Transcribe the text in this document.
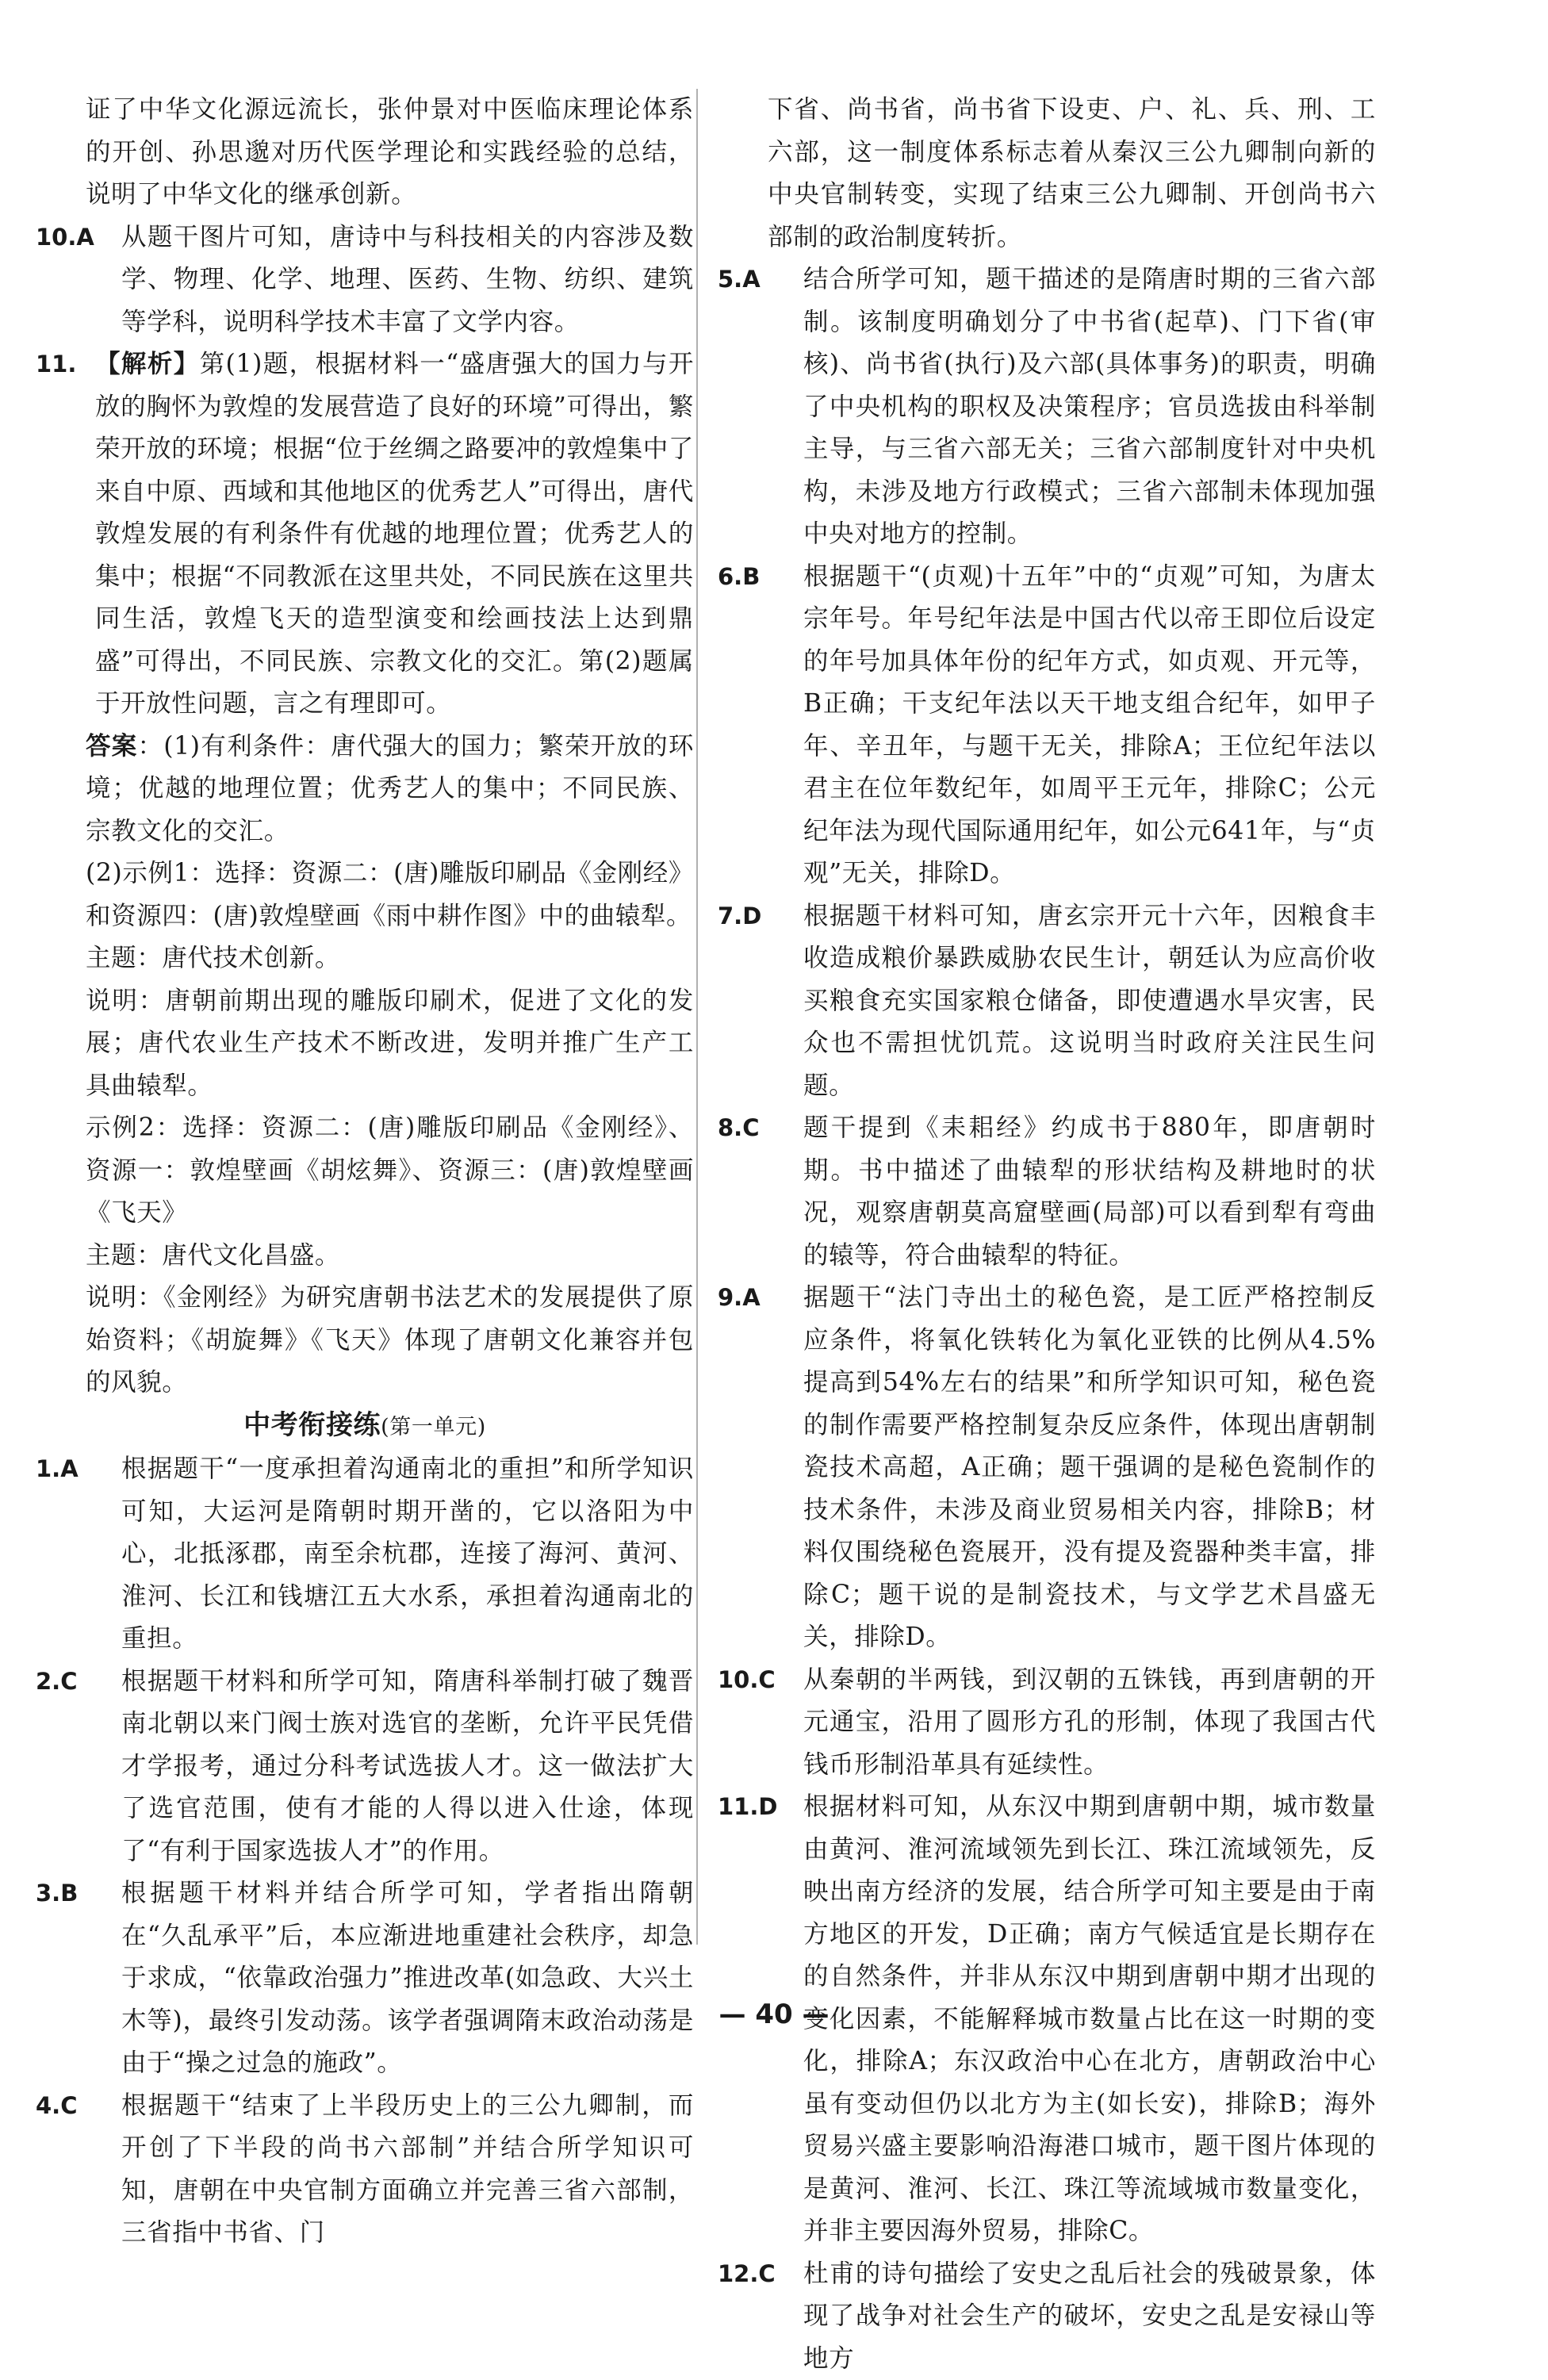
证了中华文化源远流长，张仲景对中医临床理论体系的开创、孙思邈对历代医学理论和实践经验的总结，说明了中华文化的继承创新。

10.A	从题干图片可知，唐诗中与科技相关的内容涉及数学、物理、化学、地理、医药、生物、纺织、建筑等学科，说明科学技术丰富了文学内容。
11. 【解析】第(1)题，根据材料一“盛唐强大的国力与开放的胸怀为敦煌的发展营造了良好的环境”可得出，繁荣开放的环境；根据“位于丝绸之路要冲的敦煌集中了来自中原、西域和其他地区的优秀艺人”可得出，唐代敦煌发展的有利条件有优越的地理位置；优秀艺人的集中；根据“不同教派在这里共处，不同民族在这里共同生活，敦煌飞天的造型演变和绘画技法上达到鼎盛”可得出，不同民族、宗教文化的交汇。第(2)题属于开放性问题，言之有理即可。

答案：(1)有利条件：唐代强大的国力；繁荣开放的环境；优越的地理位置；优秀艺人的集中；不同民族、宗教文化的交汇。

(2)示例1：选择：资源二：(唐)雕版印刷品《金刚经》和资源四：(唐)敦煌壁画《雨中耕作图》中的曲辕犁。

主题：唐代技术创新。

说明：唐朝前期出现的雕版印刷术，促进了文化的发展；唐代农业生产技术不断改进，发明并推广生产工具曲辕犁。

示例2：选择：资源二：(唐)雕版印刷品《金刚经》、资源一：敦煌壁画《胡炫舞》、资源三：(唐)敦煌壁画《飞天》

主题：唐代文化昌盛。

说明：《金刚经》为研究唐朝书法艺术的发展提供了原始资料；《胡旋舞》《飞天》体现了唐朝文化兼容并包的风貌。

中考衔接练(第一单元)

1.A	根据题干“一度承担着沟通南北的重担”和所学知识可知，大运河是隋朝时期开凿的，它以洛阳为中心，北抵涿郡，南至余杭郡，连接了海河、黄河、淮河、长江和钱塘江五大水系，承担着沟通南北的重担。
2.C	根据题干材料和所学可知，隋唐科举制打破了魏晋南北朝以来门阀士族对选官的垄断，允许平民凭借才学报考，通过分科考试选拔人才。这一做法扩大了选官范围，使有才能的人得以进入仕途，体现了“有利于国家选拔人才”的作用。
3.B	根据题干材料并结合所学可知，学者指出隋朝在“久乱承平”后，本应渐进地重建社会秩序，却急于求成，“依靠政治强力”推进改革(如急政、大兴土木等)，最终引发动荡。该学者强调隋末政治动荡是由于“操之过急的施政”。
4.C	根据题干“结束了上半段历史上的三公九卿制，而开创了下半段的尚书六部制”并结合所学知识可知，唐朝在中央官制方面确立并完善三省六部制，三省指中书省、门

下省、尚书省，尚书省下设吏、户、礼、兵、刑、工六部，这一制度体系标志着从秦汉三公九卿制向新的中央官制转变，实现了结束三公九卿制、开创尚书六部制的政治制度转折。

5.A	结合所学可知，题干描述的是隋唐时期的三省六部制。该制度明确划分了中书省(起草)、门下省(审核)、尚书省(执行)及六部(具体事务)的职责，明确了中央机构的职权及决策程序；官员选拔由科举制主导，与三省六部无关；三省六部制度针对中央机构，未涉及地方行政模式；三省六部制未体现加强中央对地方的控制。
6.B	根据题干“(贞观)十五年”中的“贞观”可知，为唐太宗年号。年号纪年法是中国古代以帝王即位后设定的年号加具体年份的纪年方式，如贞观、开元等，B正确；干支纪年法以天干地支组合纪年，如甲子年、辛丑年，与题干无关，排除A；王位纪年法以君主在位年数纪年，如周平王元年，排除C；公元纪年法为现代国际通用纪年，如公元641年，与“贞观”无关，排除D。
7.D	根据题干材料可知，唐玄宗开元十六年，因粮食丰收造成粮价暴跌威胁农民生计，朝廷认为应高价收买粮食充实国家粮仓储备，即使遭遇水旱灾害，民众也不需担忧饥荒。这说明当时政府关注民生问题。
8.C	题干提到《耒耜经》约成书于880年，即唐朝时期。书中描述了曲辕犁的形状结构及耕地时的状况，观察唐朝莫高窟壁画(局部)可以看到犁有弯曲的辕等，符合曲辕犁的特征。
9.A	据题干“法门寺出土的秘色瓷，是工匠严格控制反应条件，将氧化铁转化为氧化亚铁的比例从4.5%提高到54%左右的结果”和所学知识可知，秘色瓷的制作需要严格控制复杂反应条件，体现出唐朝制瓷技术高超，A正确；题干强调的是秘色瓷制作的技术条件，未涉及商业贸易相关内容，排除B；材料仅围绕秘色瓷展开，没有提及瓷器种类丰富，排除C；题干说的是制瓷技术，与文学艺术昌盛无关，排除D。
10.C	从秦朝的半两钱，到汉朝的五铢钱，再到唐朝的开元通宝，沿用了圆形方孔的形制，体现了我国古代钱币形制沿革具有延续性。
11.D	根据材料可知，从东汉中期到唐朝中期，城市数量由黄河、淮河流域领先到长江、珠江流域领先，反映出南方经济的发展，结合所学可知主要是由于南方地区的开发，D正确；南方气候适宜是长期存在的自然条件，并非从东汉中期到唐朝中期才出现的变化因素，不能解释城市数量占比在这一时期的变化，排除A；东汉政治中心在北方，唐朝政治中心虽有变动但仍以北方为主(如长安)，排除B；海外贸易兴盛主要影响沿海港口城市，题干图片体现的是黄河、淮河、长江、珠江等流域城市数量变化，并非主要因海外贸易，排除C。
12.C	杜甫的诗句描绘了安史之乱后社会的残破景象，体现了战争对社会生产的破坏，安史之乱是安禄山等地方
— 40 —
